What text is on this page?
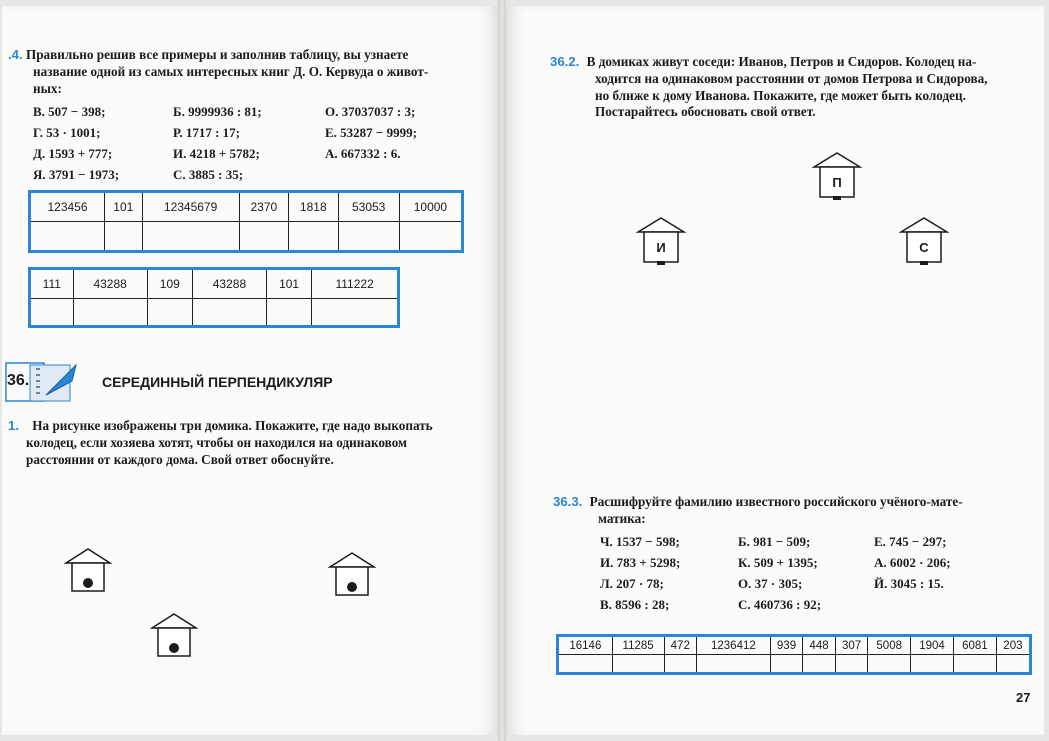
.4. Правильно решив все примеры и заполнив таблицу, вы узнаете
название одной из самых интересных книг Д. О. Кервуда о живот-
ных:
В. 507 − 398;
Г. 53 · 1001;
Д. 1593 + 777;
Я. 3791 − 1973;
Б. 9999936 : 81;
Р. 1717 : 17;
И. 4218 + 5782;
С. 3885 : 35;
О. 37037037 : 3;
Е. 53287 − 9999;
А. 667332 : 6.
123456	101	12345679	2370	1818	53053	10000

111	43288	109	43288	101	111222

36.	СЕРЕДИННЫЙ ПЕРПЕНДИКУЛЯР
1. На рисунке изображены три домика. Покажите, где надо выкопать
колодец, если хозяева хотят, чтобы он находился на одинаковом
расстоянии от каждого дома. Свой ответ обоснуйте.
36.2. В домиках живут соседи: Иванов, Петров и Сидоров. Колодец на-
ходится на одинаковом расстоянии от домов Петрова и Сидорова,
но ближе к дому Иванова. Покажите, где может быть колодец.
Постарайтесь обосновать свой ответ.
П
И	С
36.3. Расшифруйте фамилию известного российского учёного-мате-
матика:
Ч. 1537 − 598;
И. 783 + 5298;
Л. 207 · 78;
В. 8596 : 28;
Б. 981 − 509;
К. 509 + 1395;
О. 37 · 305;
С. 460736 : 92;
Е. 745 − 297;
А. 6002 · 206;
Й. 3045 : 15.
16146	11285	472	1236412	939	448	307	5008	1904	6081	203

27
